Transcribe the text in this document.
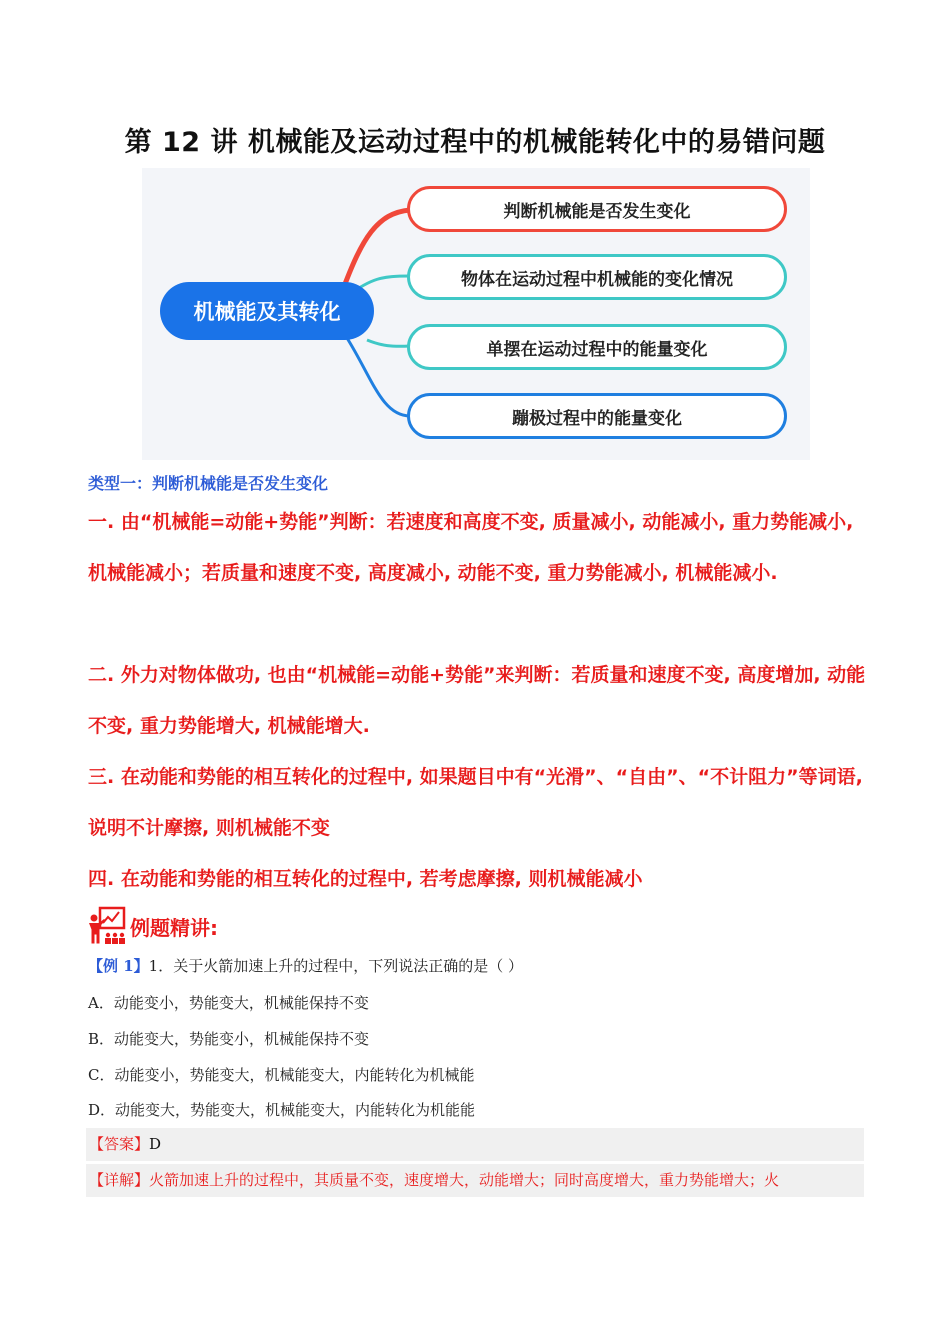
第 12 讲 机械能及运动过程中的机械能转化中的易错问题
机械能及其转化
判断机械能是否发生变化
物体在运动过程中机械能的变化情况
单摆在运动过程中的能量变化
蹦极过程中的能量变化
类型一：判断机械能是否发生变化
一. 由“机械能=动能+势能”判断：若速度和高度不变, 质量减小, 动能减小, 重力势能减小, 机械能减小；若质量和速度不变, 高度减小, 动能不变, 重力势能减小, 机械能减小.
二. 外力对物体做功, 也由“机械能=动能+势能”来判断：若质量和速度不变, 高度增加, 动能不变, 重力势能增大, 机械能增大.
三. 在动能和势能的相互转化的过程中, 如果题目中有“光滑”、“自由”、“不计阻力”等词语, 说明不计摩擦, 则机械能不变
四. 在动能和势能的相互转化的过程中, 若考虑摩擦, 则机械能减小
例题精讲:
【例 1】1．关于火箭加速上升的过程中，下列说法正确的是（ ）
A．动能变小，势能变大，机械能保持不变
B．动能变大，势能变小，机械能保持不变
C．动能变小，势能变大，机械能变大，内能转化为机械能
D．动能变大，势能变大，机械能变大，内能转化为机能能
【答案】D
【详解】火箭加速上升的过程中，其质量不变，速度增大，动能增大；同时高度增大，重力势能增大；火
